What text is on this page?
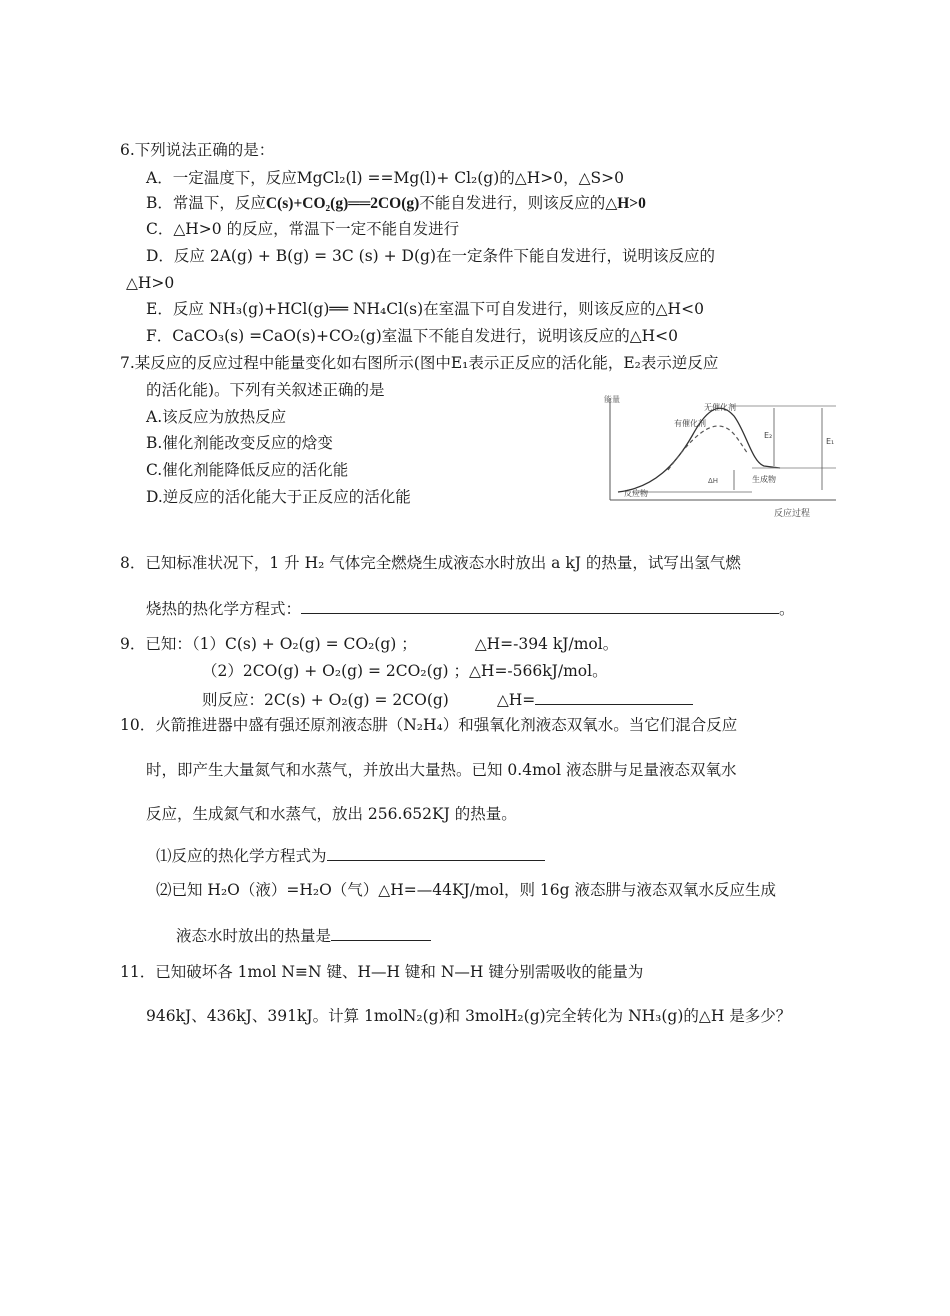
6.下列说法正确的是：
A．一定温度下，反应MgCl₂(l) ==Mg(l)+ Cl₂(g)的△H>0，△S>0
B．常温下，反应C(s)+CO₂(g)══2CO(g)不能自发进行，则该反应的△H>0
C．△H>0 的反应，常温下一定不能自发进行
D．反应 2A(g) + B(g) = 3C (s) + D(g)在一定条件下能自发进行，说明该反应的
△H>0
E．反应 NH₃(g)+HCl(g)══ NH₄Cl(s)在室温下可自发进行，则该反应的△H<0
F．CaCO₃(s) =CaO(s)+CO₂(g)室温下不能自发进行，说明该反应的△H<0
7.某反应的反应过程中能量变化如右图所示(图中E₁表示正反应的活化能，E₂表示逆反应
的活化能)。下列有关叙述正确的是
A.该反应为放热反应
B.催化剂能改变反应的焓变
C.催化剂能降低反应的活化能
D.逆反应的活化能大于正反应的活化能
能量
反应过程
E₂
E₁
ΔH
无催化剂
有催化剂
生成物
反应物
8．已知标准状况下，1 升 H₂ 气体完全燃烧生成液态水时放出 a kJ 的热量，试写出氢气燃
烧热的热化学方程式：	。
9．已知：（1）C(s) + O₂(g) = CO₂(g) ；	△H=-394 kJ/mol。
（2）2CO(g) + O₂(g) = 2CO₂(g) ；△H=-566kJ/mol。
则反应：2C(s) + O₂(g) = 2CO(g)	△H=
10．火箭推进器中盛有强还原剂液态肼（N₂H₄）和强氧化剂液态双氧水。当它们混合反应
时，即产生大量氮气和水蒸气，并放出大量热。已知 0.4mol 液态肼与足量液态双氧水
反应，生成氮气和水蒸气，放出 256.652KJ 的热量。
⑴反应的热化学方程式为
⑵已知 H₂O（液）=H₂O（气）△H=—44KJ/mol，则 16g 液态肼与液态双氧水反应生成
液态水时放出的热量是
11．已知破坏各 1mol N≡N 键、H—H 键和 N—H 键分别需吸收的能量为
946kJ、436kJ、391kJ。计算 1molN₂(g)和 3molH₂(g)完全转化为 NH₃(g)的△H 是多少？
